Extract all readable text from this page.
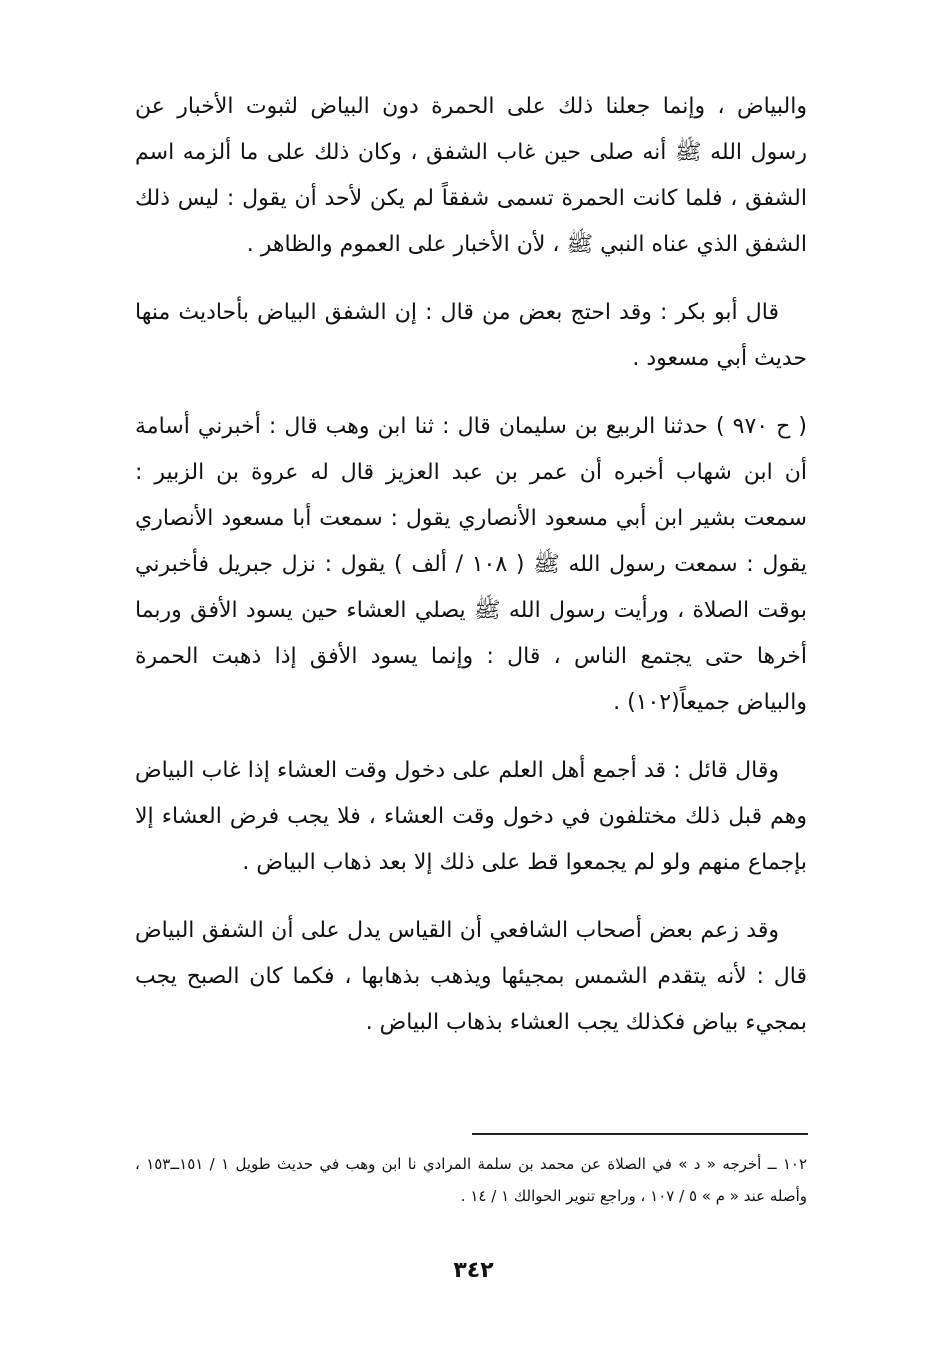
والبياض ، وإنما جعلنا ذلك على الحمرة دون البياض لثبوت الأخبار عن رسول الله ﷺ أنه صلى حين غاب الشفق ، وكان ذلك على ما ألزمه اسم الشفق ، فلما كانت الحمرة تسمى شفقاً لم يكن لأحد أن يقول : ليس ذلك الشفق الذي عناه النبي ﷺ ، لأن الأخبار على العموم والظاهر .

قال أبو بكر : وقد احتج بعض من قال : إن الشفق البياض بأحاديث منها حديث أبي مسعود .

( ح ٩٧٠ ) حدثنا الربيع بن سليمان قال : ثنا ابن وهب قال : أخبرني أسامة أن ابن شهاب أخبره أن عمر بن عبد العزيز قال له عروة بن الزبير : سمعت بشير ابن أبي مسعود الأنصاري يقول : سمعت أبا مسعود الأنصاري يقول : سمعت رسول الله ﷺ ( ١٠٨ / ألف ) يقول : نزل جبريل فأخبرني بوقت الصلاة ، ورأيت رسول الله ﷺ يصلي العشاء حين يسود الأفق وربما أخرها حتى يجتمع الناس ، قال : وإنما يسود الأفق إذا ذهبت الحمرة والبياض جميعاً(١٠٢) .

وقال قائل : قد أجمع أهل العلم على دخول وقت العشاء إذا غاب البياض وهم قبل ذلك مختلفون في دخول وقت العشاء ، فلا يجب فرض العشاء إلا بإجماع منهم ولو لم يجمعوا قط على ذلك إلا بعد ذهاب البياض .

وقد زعم بعض أصحاب الشافعي أن القياس يدل على أن الشفق البياض قال : لأنه يتقدم الشمس بمجيئها ويذهب بذهابها ، فكما كان الصبح يجب بمجيء بياض فكذلك يجب العشاء بذهاب البياض .

١٠٢ ــ أخرجه « د » في الصلاة عن محمد بن سلمة المرادي نا ابن وهب في حديث طويل ١ / ١٥١ــ١٥٣ ، وأصله عند « م » ٥ / ١٠٧ ، وراجع تنوير الحوالك ١ / ١٤ .

٣٤٢
